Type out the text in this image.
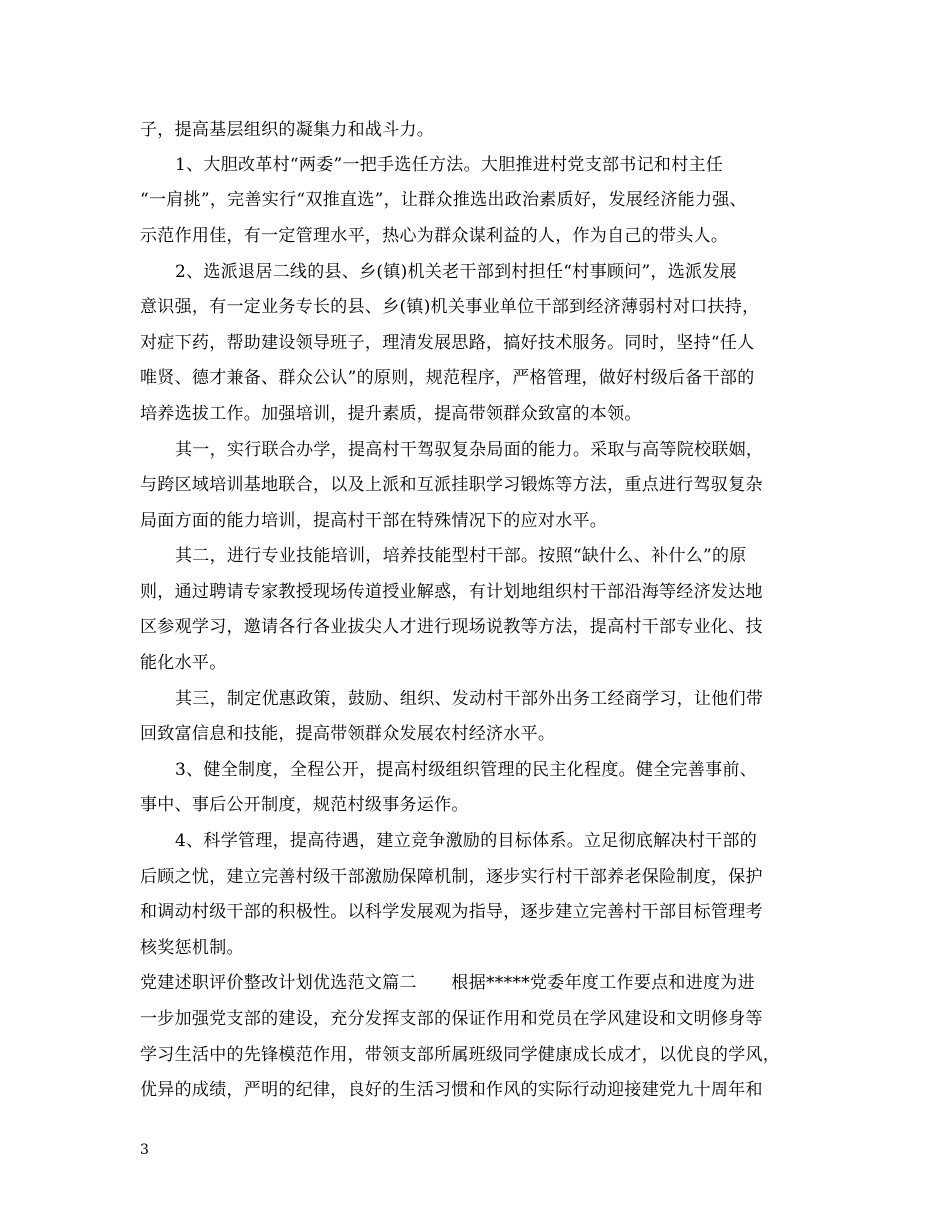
子，提高基层组织的凝集力和战斗力。
1、大胆改革村“两委”一把手选任方法。大胆推进村党支部书记和村主任
“一肩挑”，完善实行“双推直选”，让群众推选出政治素质好，发展经济能力强、
示范作用佳，有一定管理水平，热心为群众谋利益的人，作为自己的带头人。
2、选派退居二线的县、乡(镇)机关老干部到村担任“村事顾问”，选派发展
意识强，有一定业务专长的县、乡(镇)机关事业单位干部到经济薄弱村对口扶持，
对症下药，帮助建设领导班子，理清发展思路，搞好技术服务。同时，坚持“任人
唯贤、德才兼备、群众公认”的原则，规范程序，严格管理，做好村级后备干部的
培养选拔工作。加强培训，提升素质，提高带领群众致富的本领。
其一，实行联合办学，提高村干驾驭复杂局面的能力。采取与高等院校联姻，
与跨区域培训基地联合，以及上派和互派挂职学习锻炼等方法，重点进行驾驭复杂
局面方面的能力培训，提高村干部在特殊情况下的应对水平。
其二，进行专业技能培训，培养技能型村干部。按照“缺什么、补什么”的原
则，通过聘请专家教授现场传道授业解惑，有计划地组织村干部沿海等经济发达地
区参观学习，邀请各行各业拔尖人才进行现场说教等方法，提高村干部专业化、技
能化水平。
其三，制定优惠政策，鼓励、组织、发动村干部外出务工经商学习，让他们带
回致富信息和技能，提高带领群众发展农村经济水平。
3、健全制度，全程公开，提高村级组织管理的民主化程度。健全完善事前、
事中、事后公开制度，规范村级事务运作。
4、科学管理，提高待遇，建立竞争激励的目标体系。立足彻底解决村干部的
后顾之忧，建立完善村级干部激励保障机制，逐步实行村干部养老保险制度，保护
和调动村级干部的积极性。以科学发展观为指导，逐步建立完善村干部目标管理考
核奖惩机制。
党建述职评价整改计划优选范文篇二　　根据*****党委年度工作要点和进度为进
一步加强党支部的建设，充分发挥支部的保证作用和党员在学风建设和文明修身等
学习生活中的先锋模范作用，带领支部所属班级同学健康成长成才，以优良的学风，
优异的成绩，严明的纪律，良好的生活习惯和作风的实际行动迎接建党九十周年和
3
